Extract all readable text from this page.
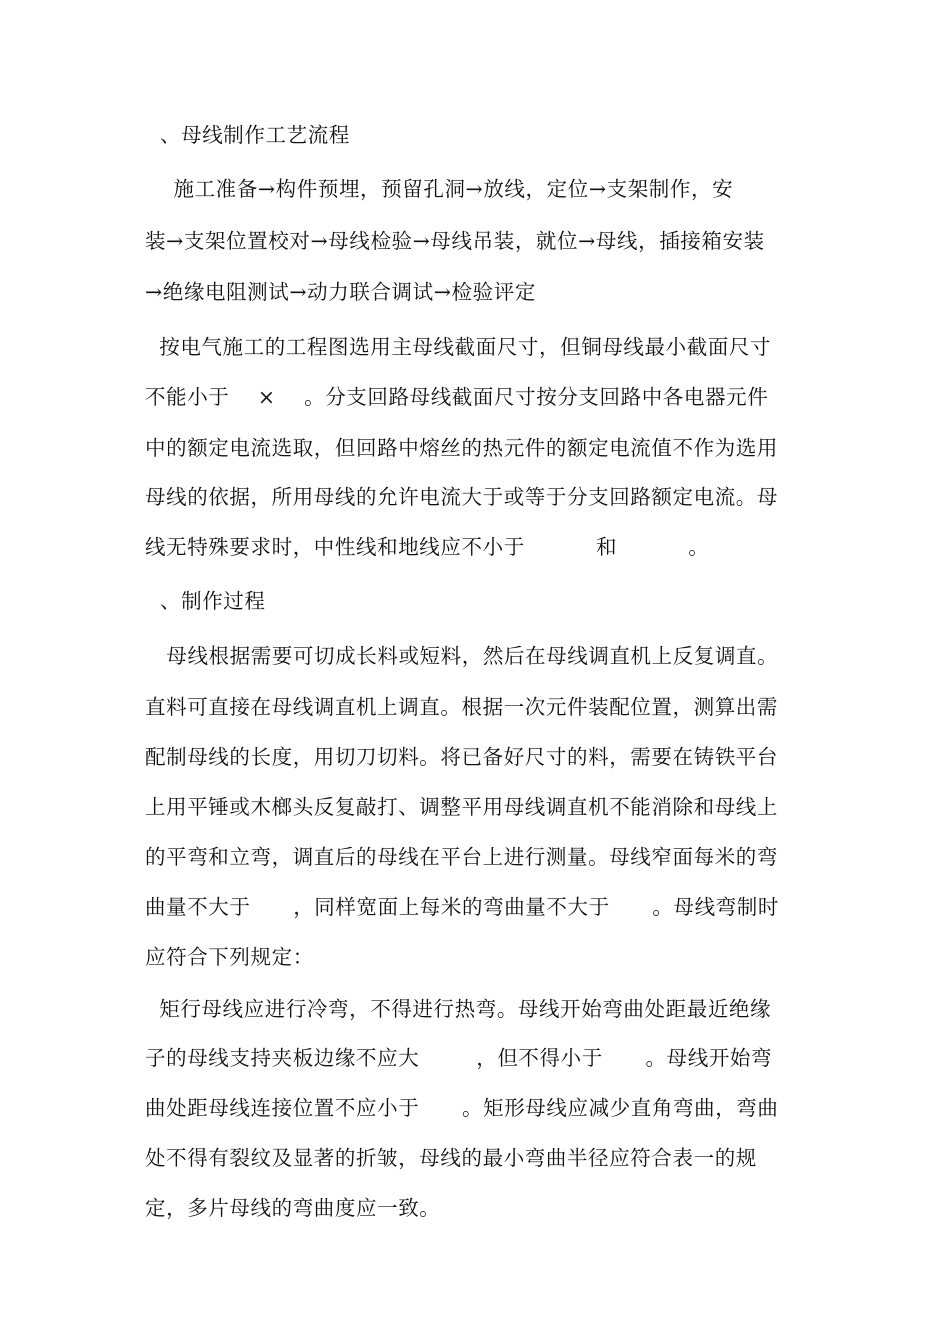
、母线制作工艺流程
施工准备→构件预埋，预留孔洞→放线，定位→支架制作，安
装→支架位置校对→母线检验→母线吊装，就位→母线，插接箱安装
→绝缘电阻测试→动力联合调试→检验评定
按电气施工的工程图选用主母线截面尺寸，但铜母线最小截面尺寸
不能小于    ×    。分支回路母线截面尺寸按分支回路中各电器元件
中的额定电流选取，但回路中熔丝的热元件的额定电流值不作为选用
母线的依据，所用母线的允许电流大于或等于分支回路额定电流。母
线无特殊要求时，中性线和地线应不小于          和          。
、制作过程
母线根据需要可切成长料或短料，然后在母线调直机上反复调直。
直料可直接在母线调直机上调直。根据一次元件装配位置，测算出需
配制母线的长度，用切刀切料。将已备好尺寸的料，需要在铸铁平台
上用平锤或木榔头反复敲打、调整平用母线调直机不能消除和母线上
的平弯和立弯，调直后的母线在平台上进行测量。母线窄面每米的弯
曲量不大于      ，同样宽面上每米的弯曲量不大于      。母线弯制时
应符合下列规定：
矩行母线应进行冷弯，不得进行热弯。母线开始弯曲处距最近绝缘
子的母线支持夹板边缘不应大        ，但不得小于      。母线开始弯
曲处距母线连接位置不应小于      。矩形母线应减少直角弯曲，弯曲
处不得有裂纹及显著的折皱，母线的最小弯曲半径应符合表一的规
定，多片母线的弯曲度应一致。
